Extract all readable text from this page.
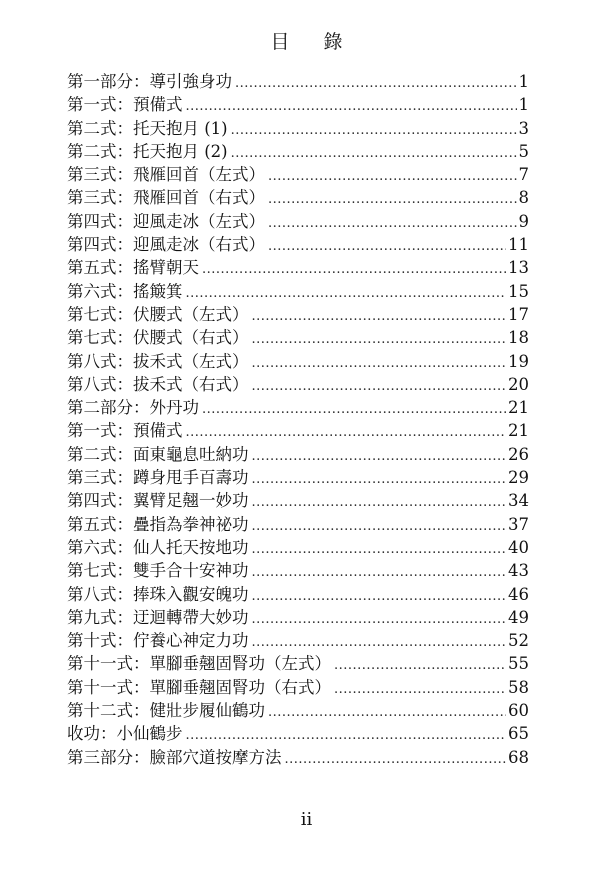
目 錄
第一部分：導引強身功 .....	1
第一式：預備式 .....	1
第二式：托天抱月 (1) .....	3
第二式：托天抱月 (2) .....	5
第三式：飛雁回首（左式） .....	7
第三式：飛雁回首（右式） .....	8
第四式：迎風走冰（左式） .....	9
第四式：迎風走冰（右式） .....	11
第五式：搖臂朝天 .....	13
第六式：搖簸箕 .....	15
第七式：伏腰式（左式） .....	17
第七式：伏腰式（右式） .....	18
第八式：拔禾式（左式） .....	19
第八式：拔禾式（右式） .....	20
第二部分：外丹功 .....	21
第一式：預備式 .....	21
第二式：面東龜息吐納功 .....	26
第三式：蹲身甩手百壽功 .....	29
第四式：翼臂足翹一妙功 .....	34
第五式：疊指為拳神祕功 .....	37
第六式：仙人托天按地功 .....	40
第七式：雙手合十安神功 .....	43
第八式：捧珠入觀安魄功 .....	46
第九式：迂迴轉帶大妙功 .....	49
第十式：佇養心神定力功 .....	52
第十一式：單腳垂翹固腎功（左式） .....	55
第十一式：單腳垂翹固腎功（右式） .....	58
第十二式：健壯步履仙鶴功 .....	60
收功：小仙鶴步 .....	65
第三部分：臉部穴道按摩方法 .....	68
ii
